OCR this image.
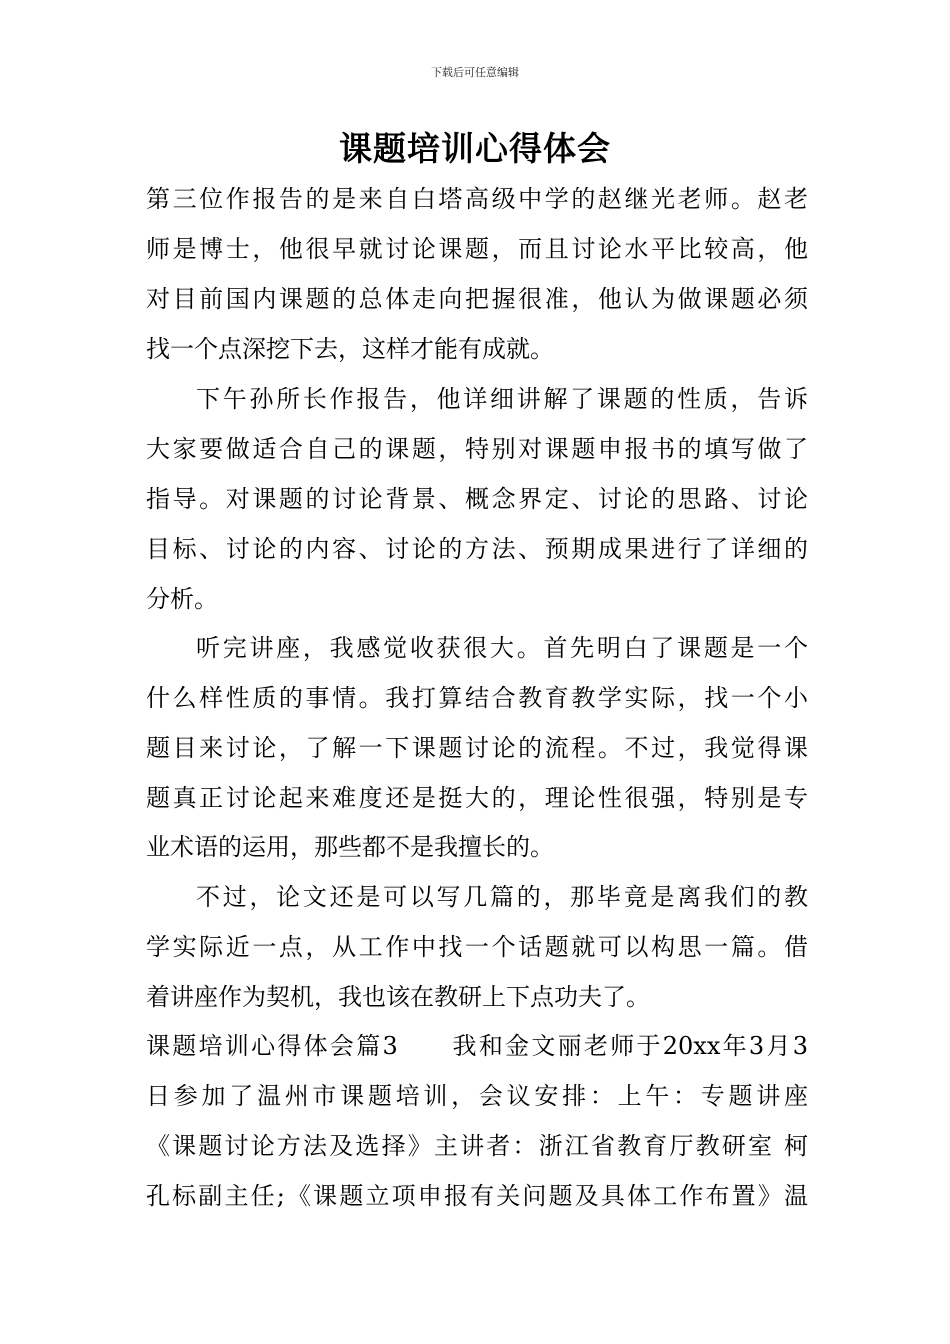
下载后可任意编辑
课题培训心得体会
第三位作报告的是来自白塔高级中学的赵继光老师。赵老
师是博士，他很早就讨论课题，而且讨论水平比较高，他
对目前国内课题的总体走向把握很准，他认为做课题必须
找一个点深挖下去，这样才能有成就。
下午孙所长作报告，他详细讲解了课题的性质，告诉
大家要做适合自己的课题，特别对课题申报书的填写做了
指导。对课题的讨论背景、概念界定、讨论的思路、讨论
目标、讨论的内容、讨论的方法、预期成果进行了详细的
分析。
听完讲座，我感觉收获很大。首先明白了课题是一个
什么样性质的事情。我打算结合教育教学实际，找一个小
题目来讨论，了解一下课题讨论的流程。不过，我觉得课
题真正讨论起来难度还是挺大的，理论性很强，特别是专
业术语的运用，那些都不是我擅长的。
不过，论文还是可以写几篇的，那毕竟是离我们的教
学实际近一点，从工作中找一个话题就可以构思一篇。借
着讲座作为契机，我也该在教研上下点功夫了。
课题培训心得体会篇3　　我和金文丽老师于20xx年3月3
日参加了温州市课题培训，会议安排：上午：专题讲座
《课题讨论方法及选择》主讲者：浙江省教育厅教研室 柯
孔标副主任;《课题立项申报有关问题及具体工作布置》温
